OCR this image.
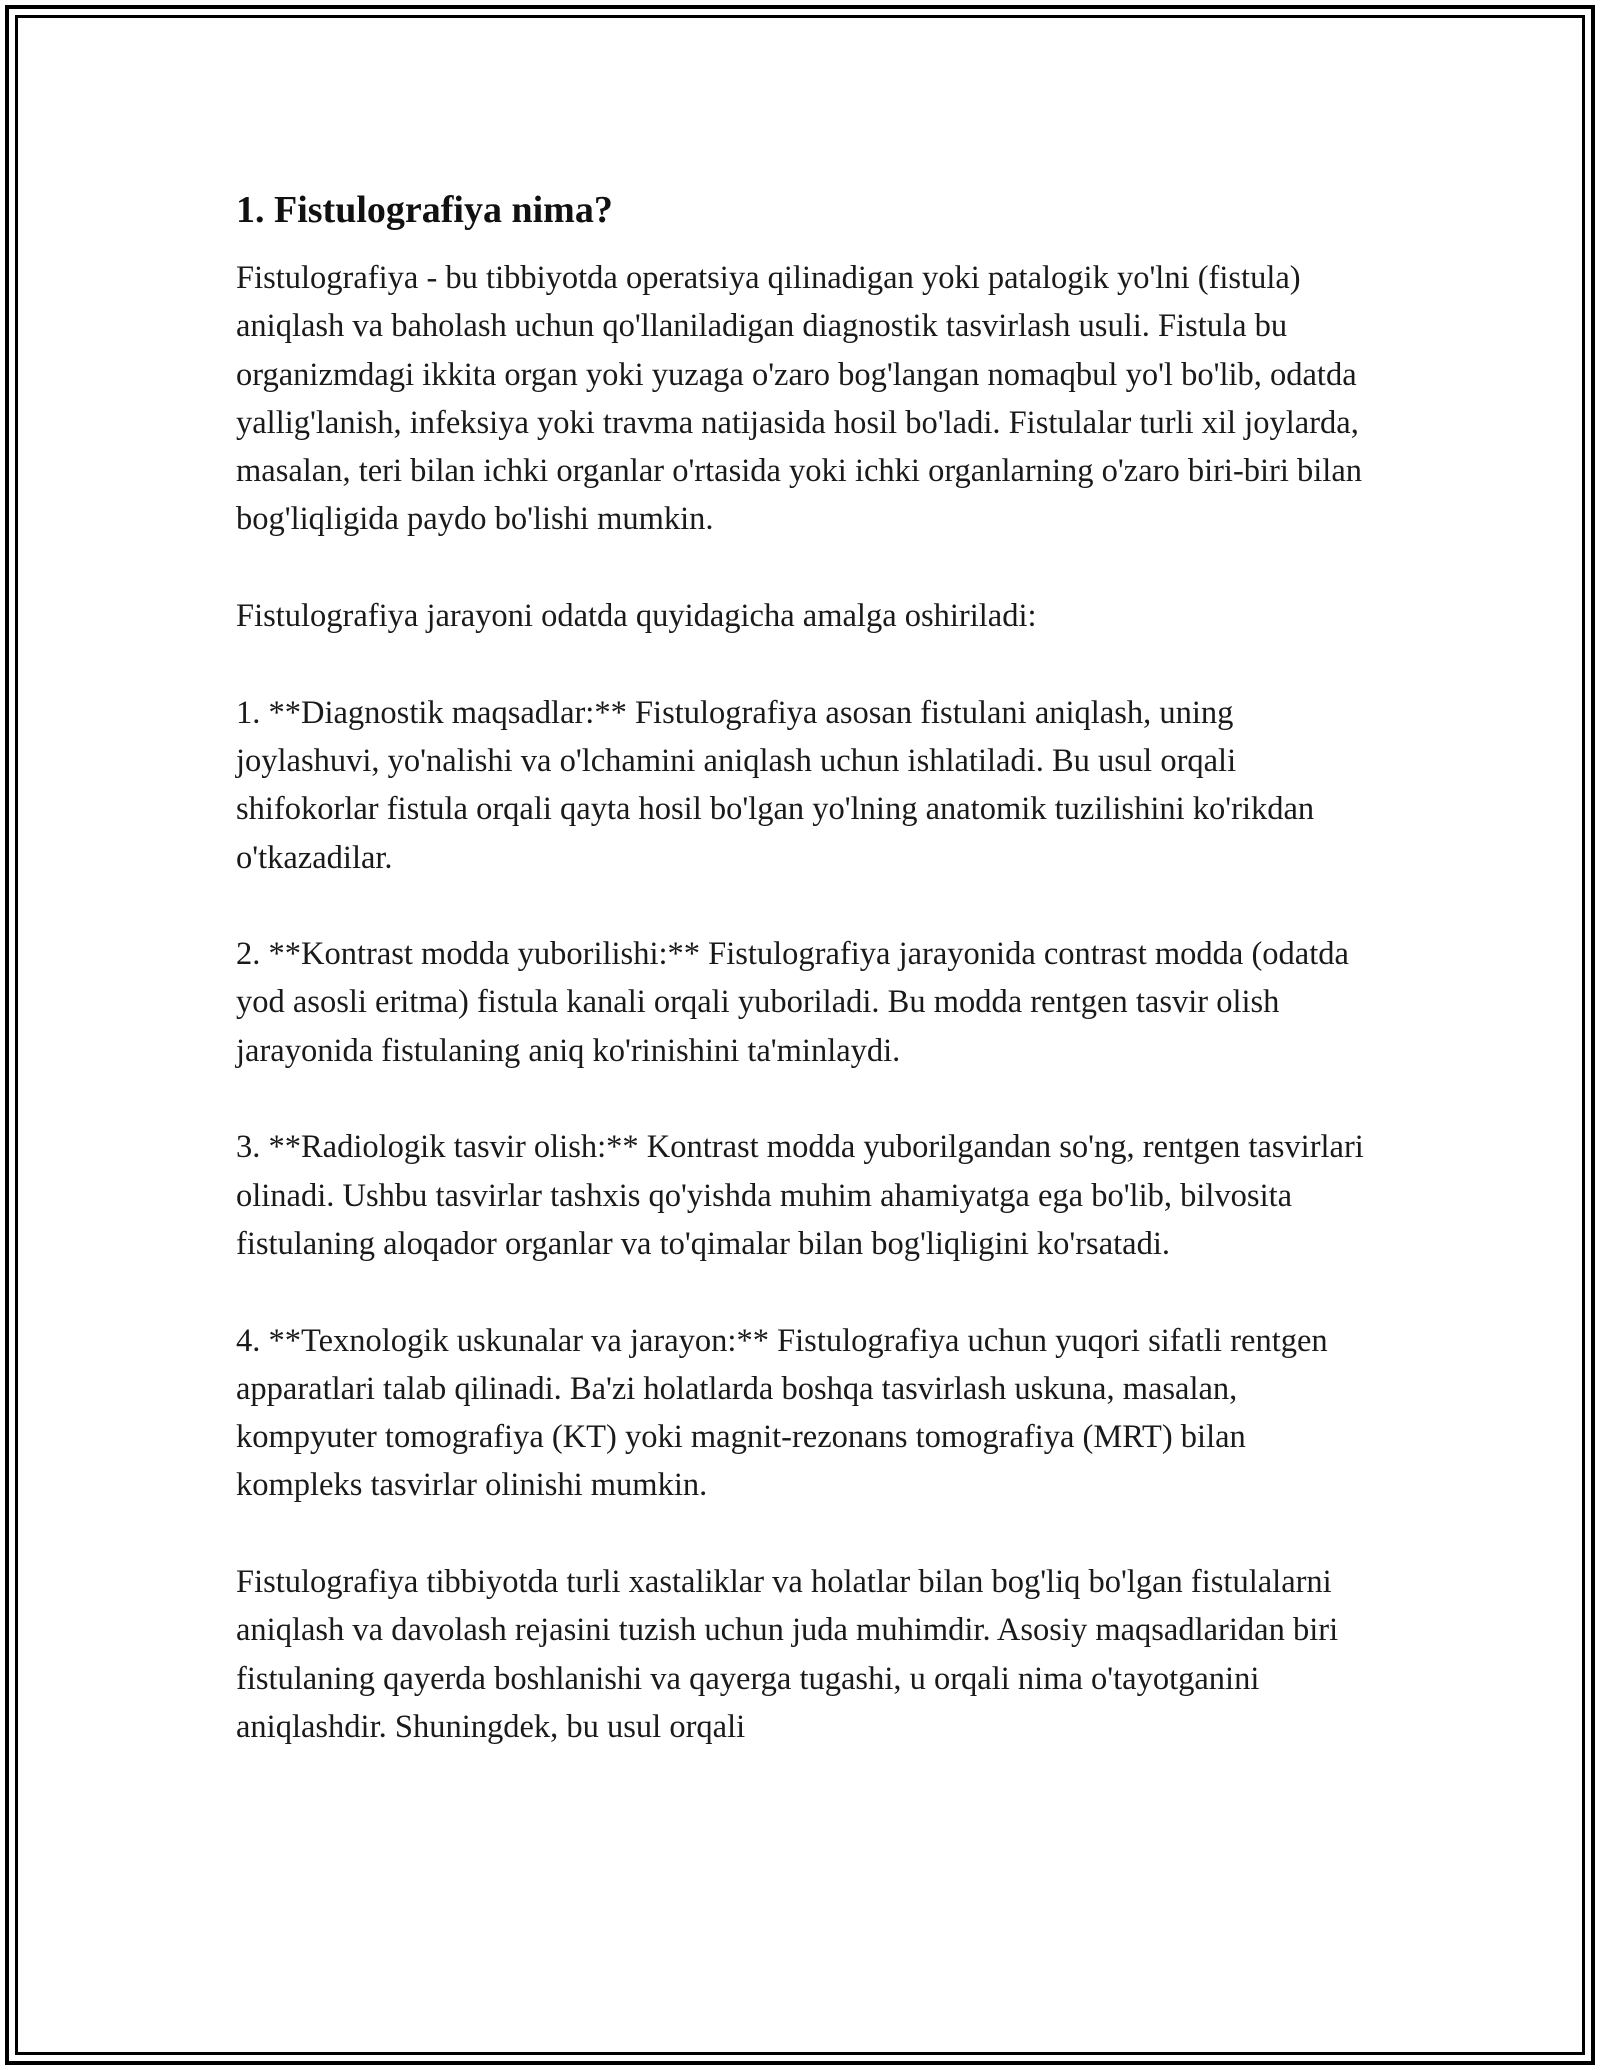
1. Fistulografiya nima?

Fistulografiya - bu tibbiyotda operatsiya qilinadigan yoki patalogik yo'lni (fistula) aniqlash va baholash uchun qo'llaniladigan diagnostik tasvirlash usuli. Fistula bu organizmdagi ikkita organ yoki yuzaga o'zaro bog'langan nomaqbul yo'l bo'lib, odatda yallig'lanish, infeksiya yoki travma natijasida hosil bo'ladi. Fistulalar turli xil joylarda, masalan, teri bilan ichki organlar o'rtasida yoki ichki organlarning o'zaro biri-biri bilan bog'liqligida paydo bo'lishi mumkin.

Fistulografiya jarayoni odatda quyidagicha amalga oshiriladi:

1. **Diagnostik maqsadlar:** Fistulografiya asosan fistulani aniqlash, uning joylashuvi, yo'nalishi va o'lchamini aniqlash uchun ishlatiladi. Bu usul orqali shifokorlar fistula orqali qayta hosil bo'lgan yo'lning anatomik tuzilishini ko'rikdan o'tkazadilar.

2. **Kontrast modda yuborilishi:** Fistulografiya jarayonida contrast modda (odatda yod asosli eritma) fistula kanali orqali yuboriladi. Bu modda rentgen tasvir olish jarayonida fistulaning aniq ko'rinishini ta'minlaydi.

3. **Radiologik tasvir olish:** Kontrast modda yuborilgandan so'ng, rentgen tasvirlari olinadi. Ushbu tasvirlar tashxis qo'yishda muhim ahamiyatga ega bo'lib, bilvosita fistulaning aloqador organlar va to'qimalar bilan bog'liqligini ko'rsatadi.

4. **Texnologik uskunalar va jarayon:** Fistulografiya uchun yuqori sifatli rentgen apparatlari talab qilinadi. Ba'zi holatlarda boshqa tasvirlash uskuna, masalan, kompyuter tomografiya (KT) yoki magnit-rezonans tomografiya (MRT) bilan kompleks tasvirlar olinishi mumkin.

Fistulografiya tibbiyotda turli xastaliklar va holatlar bilan bog'liq bo'lgan fistulalarni aniqlash va davolash rejasini tuzish uchun juda muhimdir. Asosiy maqsadlaridan biri fistulaning qayerda boshlanishi va qayerga tugashi, u orqali nima o'tayotganini aniqlashdir. Shuningdek, bu usul orqali
